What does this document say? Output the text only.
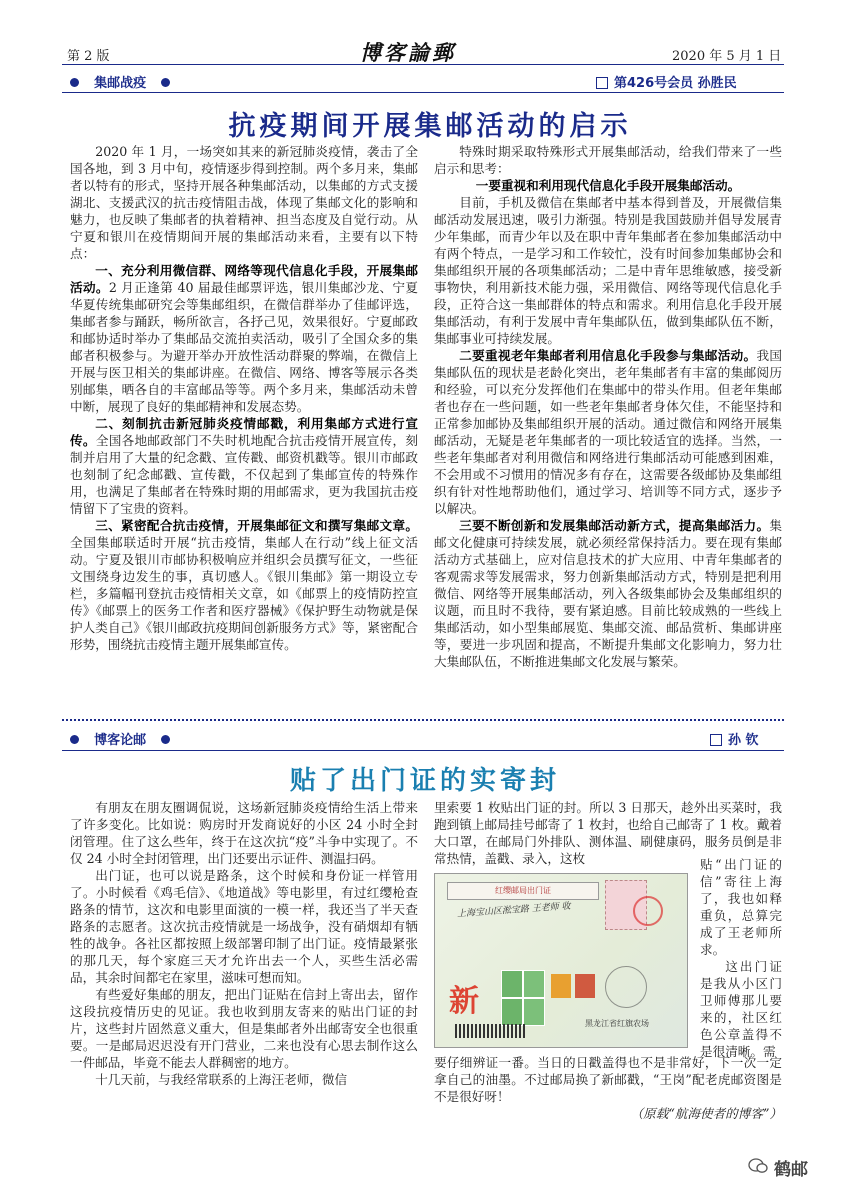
第 2 版	博客論郵	2020 年 5 月 1 日
集邮战疫	第426号会员 孙胜民
抗疫期间开展集邮活动的启示

2020 年 1 月，一场突如其来的新冠肺炎疫情，袭击了全国各地，到 3 月中旬，疫情逐步得到控制。两个多月来，集邮者以特有的形式，坚持开展各种集邮活动，以集邮的方式支援湖北、支援武汉的抗击疫情阻击战，体现了集邮文化的影响和魅力，也反映了集邮者的执着精神、担当态度及自觉行动。从宁夏和银川在疫情期间开展的集邮活动来看，主要有以下特点：

一、充分利用微信群、网络等现代信息化手段，开展集邮活动。2 月正逢第 40 届最佳邮票评选，银川集邮沙龙、宁夏华夏传统集邮研究会等集邮组织，在微信群举办了佳邮评选，集邮者参与踊跃，畅所欲言，各抒己见，效果很好。宁夏邮政和邮协适时举办了集邮品交流拍卖活动，吸引了全国众多的集邮者积极参与。为避开举办开放性活动群聚的弊端，在微信上开展与医卫相关的集邮讲座。在微信、网络、博客等展示各类别邮集，晒各自的丰富邮品等等。两个多月来，集邮活动未曾中断，展现了良好的集邮精神和发展态势。

二、刻制抗击新冠肺炎疫情邮戳，利用集邮方式进行宣传。全国各地邮政部门不失时机地配合抗击疫情开展宣传，刻制并启用了大量的纪念戳、宣传戳、邮资机戳等。银川市邮政也刻制了纪念邮戳、宣传戳，不仅起到了集邮宣传的特殊作用，也满足了集邮者在特殊时期的用邮需求，更为我国抗击疫情留下了宝贵的资料。

三、紧密配合抗击疫情，开展集邮征文和撰写集邮文章。全国集邮联适时开展“抗击疫情，集邮人在行动”线上征文活动。宁夏及银川市邮协积极响应并组织会员撰写征文，一些征文围绕身边发生的事，真切感人。《银川集邮》第一期设立专栏，多篇幅刊登抗击疫情相关文章，如《邮票上的疫情防控宣传》《邮票上的医务工作者和医疗器械》《保护野生动物就是保护人类自己》《银川邮政抗疫期间创新服务方式》等，紧密配合形势，围绕抗击疫情主题开展集邮宣传。

特殊时期采取特殊形式开展集邮活动，给我们带来了一些启示和思考：

一要重视和利用现代信息化手段开展集邮活动。

目前，手机及微信在集邮者中基本得到普及，开展微信集邮活动发展迅速，吸引力渐强。特别是我国鼓励并倡导发展青少年集邮，而青少年以及在职中青年集邮者在参加集邮活动中有两个特点，一是学习和工作较忙，没有时间参加集邮协会和集邮组织开展的各项集邮活动；二是中青年思维敏感，接受新事物快，利用新技术能力强，采用微信、网络等现代信息化手段，正符合这一集邮群体的特点和需求。利用信息化手段开展集邮活动，有利于发展中青年集邮队伍，做到集邮队伍不断，集邮事业可持续发展。

二要重视老年集邮者利用信息化手段参与集邮活动。我国集邮队伍的现状是老龄化突出，老年集邮者有丰富的集邮阅历和经验，可以充分发挥他们在集邮中的带头作用。但老年集邮者也存在一些问题，如一些老年集邮者身体欠佳，不能坚持和正常参加邮协及集邮组织开展的活动。通过微信和网络开展集邮活动，无疑是老年集邮者的一项比较适宜的选择。当然，一些老年集邮者对利用微信和网络进行集邮活动可能感到困难，不会用或不习惯用的情况多有存在，这需要各级邮协及集邮组织有针对性地帮助他们，通过学习、培训等不同方式，逐步予以解决。

三要不断创新和发展集邮活动新方式，提高集邮活力。集邮文化健康可持续发展，就必须经常保持活力。要在现有集邮活动方式基础上，应对信息技术的扩大应用、中青年集邮者的客观需求等发展需求，努力创新集邮活动方式，特别是把利用微信、网络等开展集邮活动，列入各级集邮协会及集邮组织的议题，而且时不我待，要有紧迫感。目前比较成熟的一些线上集邮活动，如小型集邮展览、集邮交流、邮品赏析、集邮讲座等，要进一步巩固和提高，不断提升集邮文化影响力，努力壮大集邮队伍，不断推进集邮文化发展与繁荣。

博客论邮	孙 钦
贴了出门证的实寄封

有朋友在朋友圈调侃说，这场新冠肺炎疫情给生活上带来了许多变化。比如说：购房时开发商说好的小区 24 小时全封闭管理。住了这么些年，终于在这次抗“疫”斗争中实现了。不仅 24 小时全封闭管理，出门还要出示证件、测温扫码。

出门证，也可以说是路条，这个时候和身份证一样管用了。小时候看《鸡毛信》、《地道战》等电影里，有过红缨枪查路条的情节，这次和电影里面演的一模一样，我还当了半天查路条的志愿者。这次抗击疫情就是一场战争，没有硝烟却有牺牲的战争。各社区都按照上级部署印制了出门证。疫情最紧张的那几天，每个家庭三天才允许出去一个人，买些生活必需品，其余时间都宅在家里，滋味可想而知。

有些爱好集邮的朋友，把出门证贴在信封上寄出去，留作这段抗疫情历史的见证。我也收到朋友寄来的贴出门证的封片，这些封片固然意义重大，但是集邮者外出邮寄安全也很重要。一是邮局迟迟没有开门营业，二来也没有心思去制作这么一件邮品，毕竟不能去人群稠密的地方。

十几天前，与我经常联系的上海汪老师，微信

里索要 1 枚贴出门证的封。所以 3 日那天，趁外出买菜时，我跑到镇上邮局挂号邮寄了 1 枚封，也给自己邮寄了 1 枚。戴着大口罩，在邮局门外排队、测体温、刷健康码，服务员倒是非常热情，盖戳、录入，这枚

红缨邮局出门证
上海宝山区淞宝路 王老师 收
新
黑龙江省红旗农场

贴“出门证的信”寄往上海了，我也如释重负，总算完成了王老师所求。

这出门证是我从小区门卫师傅那儿要来的，社区红色公章盖得不是很清晰。需

要仔细辨证一番。当日的日戳盖得也不是非常好，下一次一定拿自己的油墨。不过邮局换了新邮戳，“王岗”配老虎邮资图是不是很好呀！

（原载“航海使者的博客”）

鹤邮
